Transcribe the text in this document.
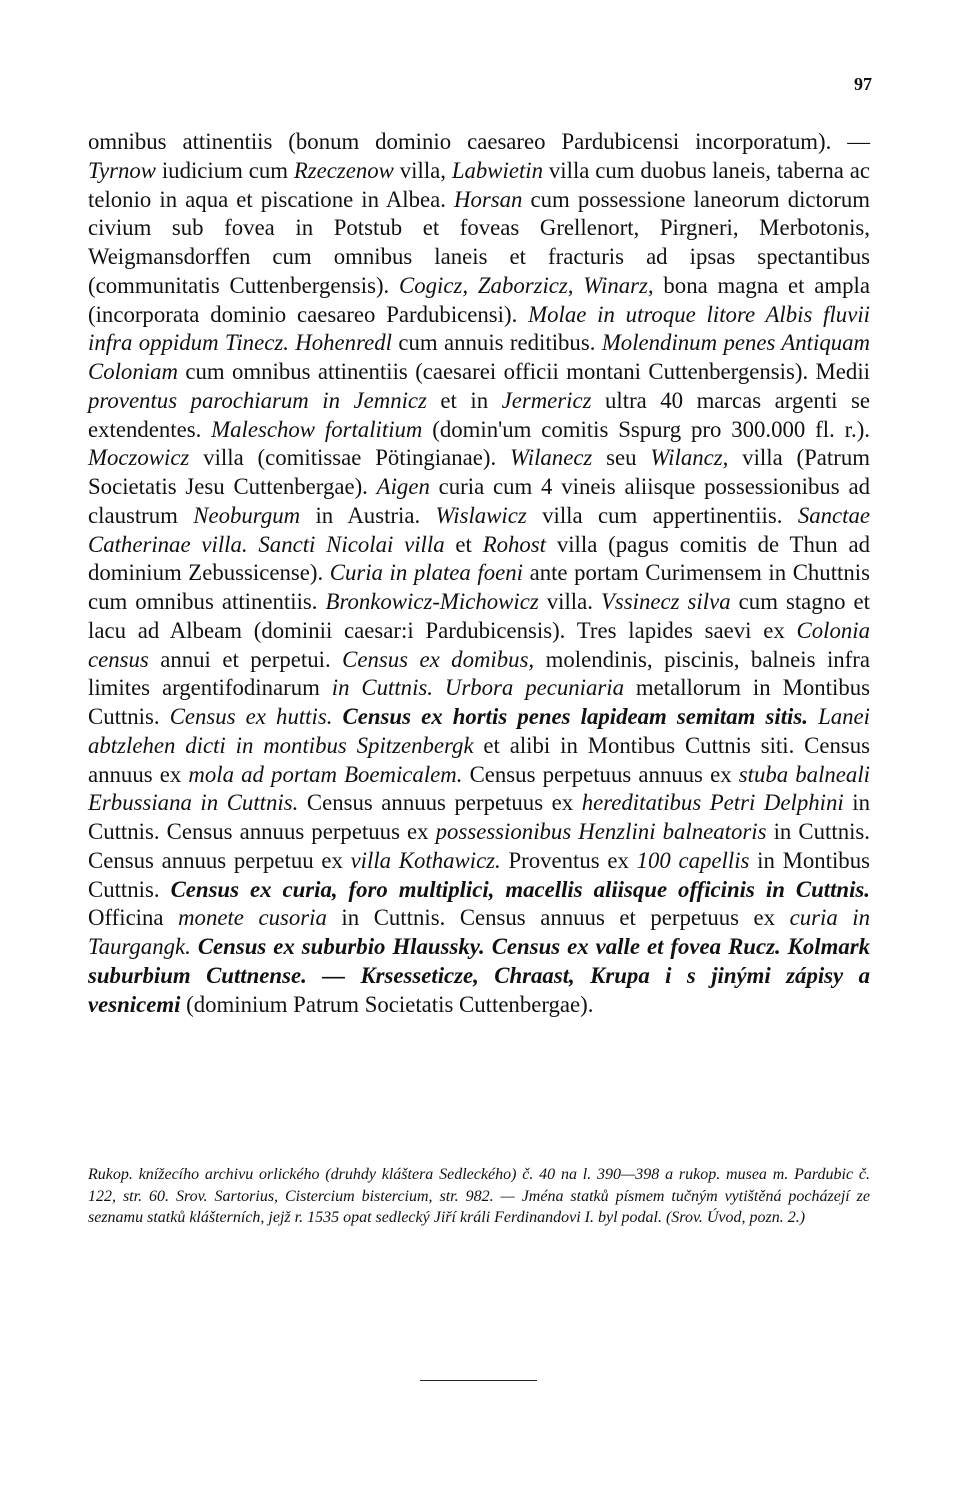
97

omnibus attinentiis (bonum dominio caesareo Pardubicensi incorporatum). — Tyrnow iudicium cum Rzeczenow villa, Labwietin villa cum duobus laneis, taberna ac telonio in aqua et piscatione in Albea. Horsan cum possessione laneorum dictorum civium sub fovea in Potstub et foveas Grellenort, Pirgneri, Merbotonis, Weigmansdorffen cum omnibus laneis et fracturis ad ipsas spectantibus (communitatis Cuttenbergensis). Cogicz, Zaborzicz, Winarz, bona magna et ampla (incorporata dominio caesareo Pardubicensi). Molae in utroque litore Albis fluvii infra oppidum Tinecz. Hohenredl cum annuis reditibus. Molendinum penes Antiquam Coloniam cum omnibus attinentiis (caesarei officii montani Cuttenbergensis). Medii proventus parochiarum in Jemnicz et in Jermericz ultra 40 marcas argenti se extendentes. Maleschow fortalitium (domin'um comitis Sspurg pro 300.000 fl. r.). Moczowicz villa (comitissae Pötingianae). Wilanecz seu Wilancz, villa (Patrum Societatis Jesu Cuttenbergae). Aigen curia cum 4 vineis aliisque possessionibus ad claustrum Neoburgum in Austria. Wislawicz villa cum appertinentiis. Sanctae Catherinae villa. Sancti Nicolai villa et Rohost villa (pagus comitis de Thun ad dominium Zebussicense). Curia in platea foeni ante portam Curimensem in Chuttnis cum omnibus attinentiis. Bronkowicz-Michowicz villa. Vssinecz silva cum stagno et lacu ad Albeam (dominii caesar:i Pardubicensis). Tres lapides saevi ex Colonia census annui et perpetui. Census ex domibus, molendinis, piscinis, balneis infra limites argentifodinarum in Cuttnis. Urbora pecuniaria metallorum in Montibus Cuttnis. Census ex huttis. Census ex hortis penes lapideam semitam sitis. Lanei abtzlehen dicti in montibus Spitzenbergk et alibi in Montibus Cuttnis siti. Census annuus ex mola ad portam Boemicalem. Census perpetuus annuus ex stuba balneali Erbussiana in Cuttnis. Census annuus perpetuus ex hereditatibus Petri Delphini in Cuttnis. Census annuus perpetuus ex possessionibus Henzlini balneatoris in Cuttnis. Census annuus perpetuu ex villa Kothawicz. Proventus ex 100 capellis in Montibus Cuttnis. Census ex curia, foro multiplici, macellis aliisque officinis in Cuttnis. Officina monete cusoria in Cuttnis. Census annuus et perpetuus ex curia in Taurgangk. Census ex suburbio Hlaussky. Census ex valle et fovea Rucz. Kolmark suburbium Cuttnense. — Krsesseticze, Chraast, Krupa i s jinými zápisy a vesnicemi (dominium Patrum Societatis Cuttenbergae).

Rukop. knížecího archivu orlického (druhdy kláštera Sedleckého) č. 40 na l. 390—398 a rukop. musea m. Pardubic č. 122, str. 60. Srov. Sartorius, Cistercium bistercium, str. 982. — Jména statků písmem tučným vytištěná pocházejí ze seznamu statků klášterních, jejž r. 1535 opat sedlecký Jiří králi Ferdinandovi I. byl podal. (Srov. Úvod, pozn. 2.)
